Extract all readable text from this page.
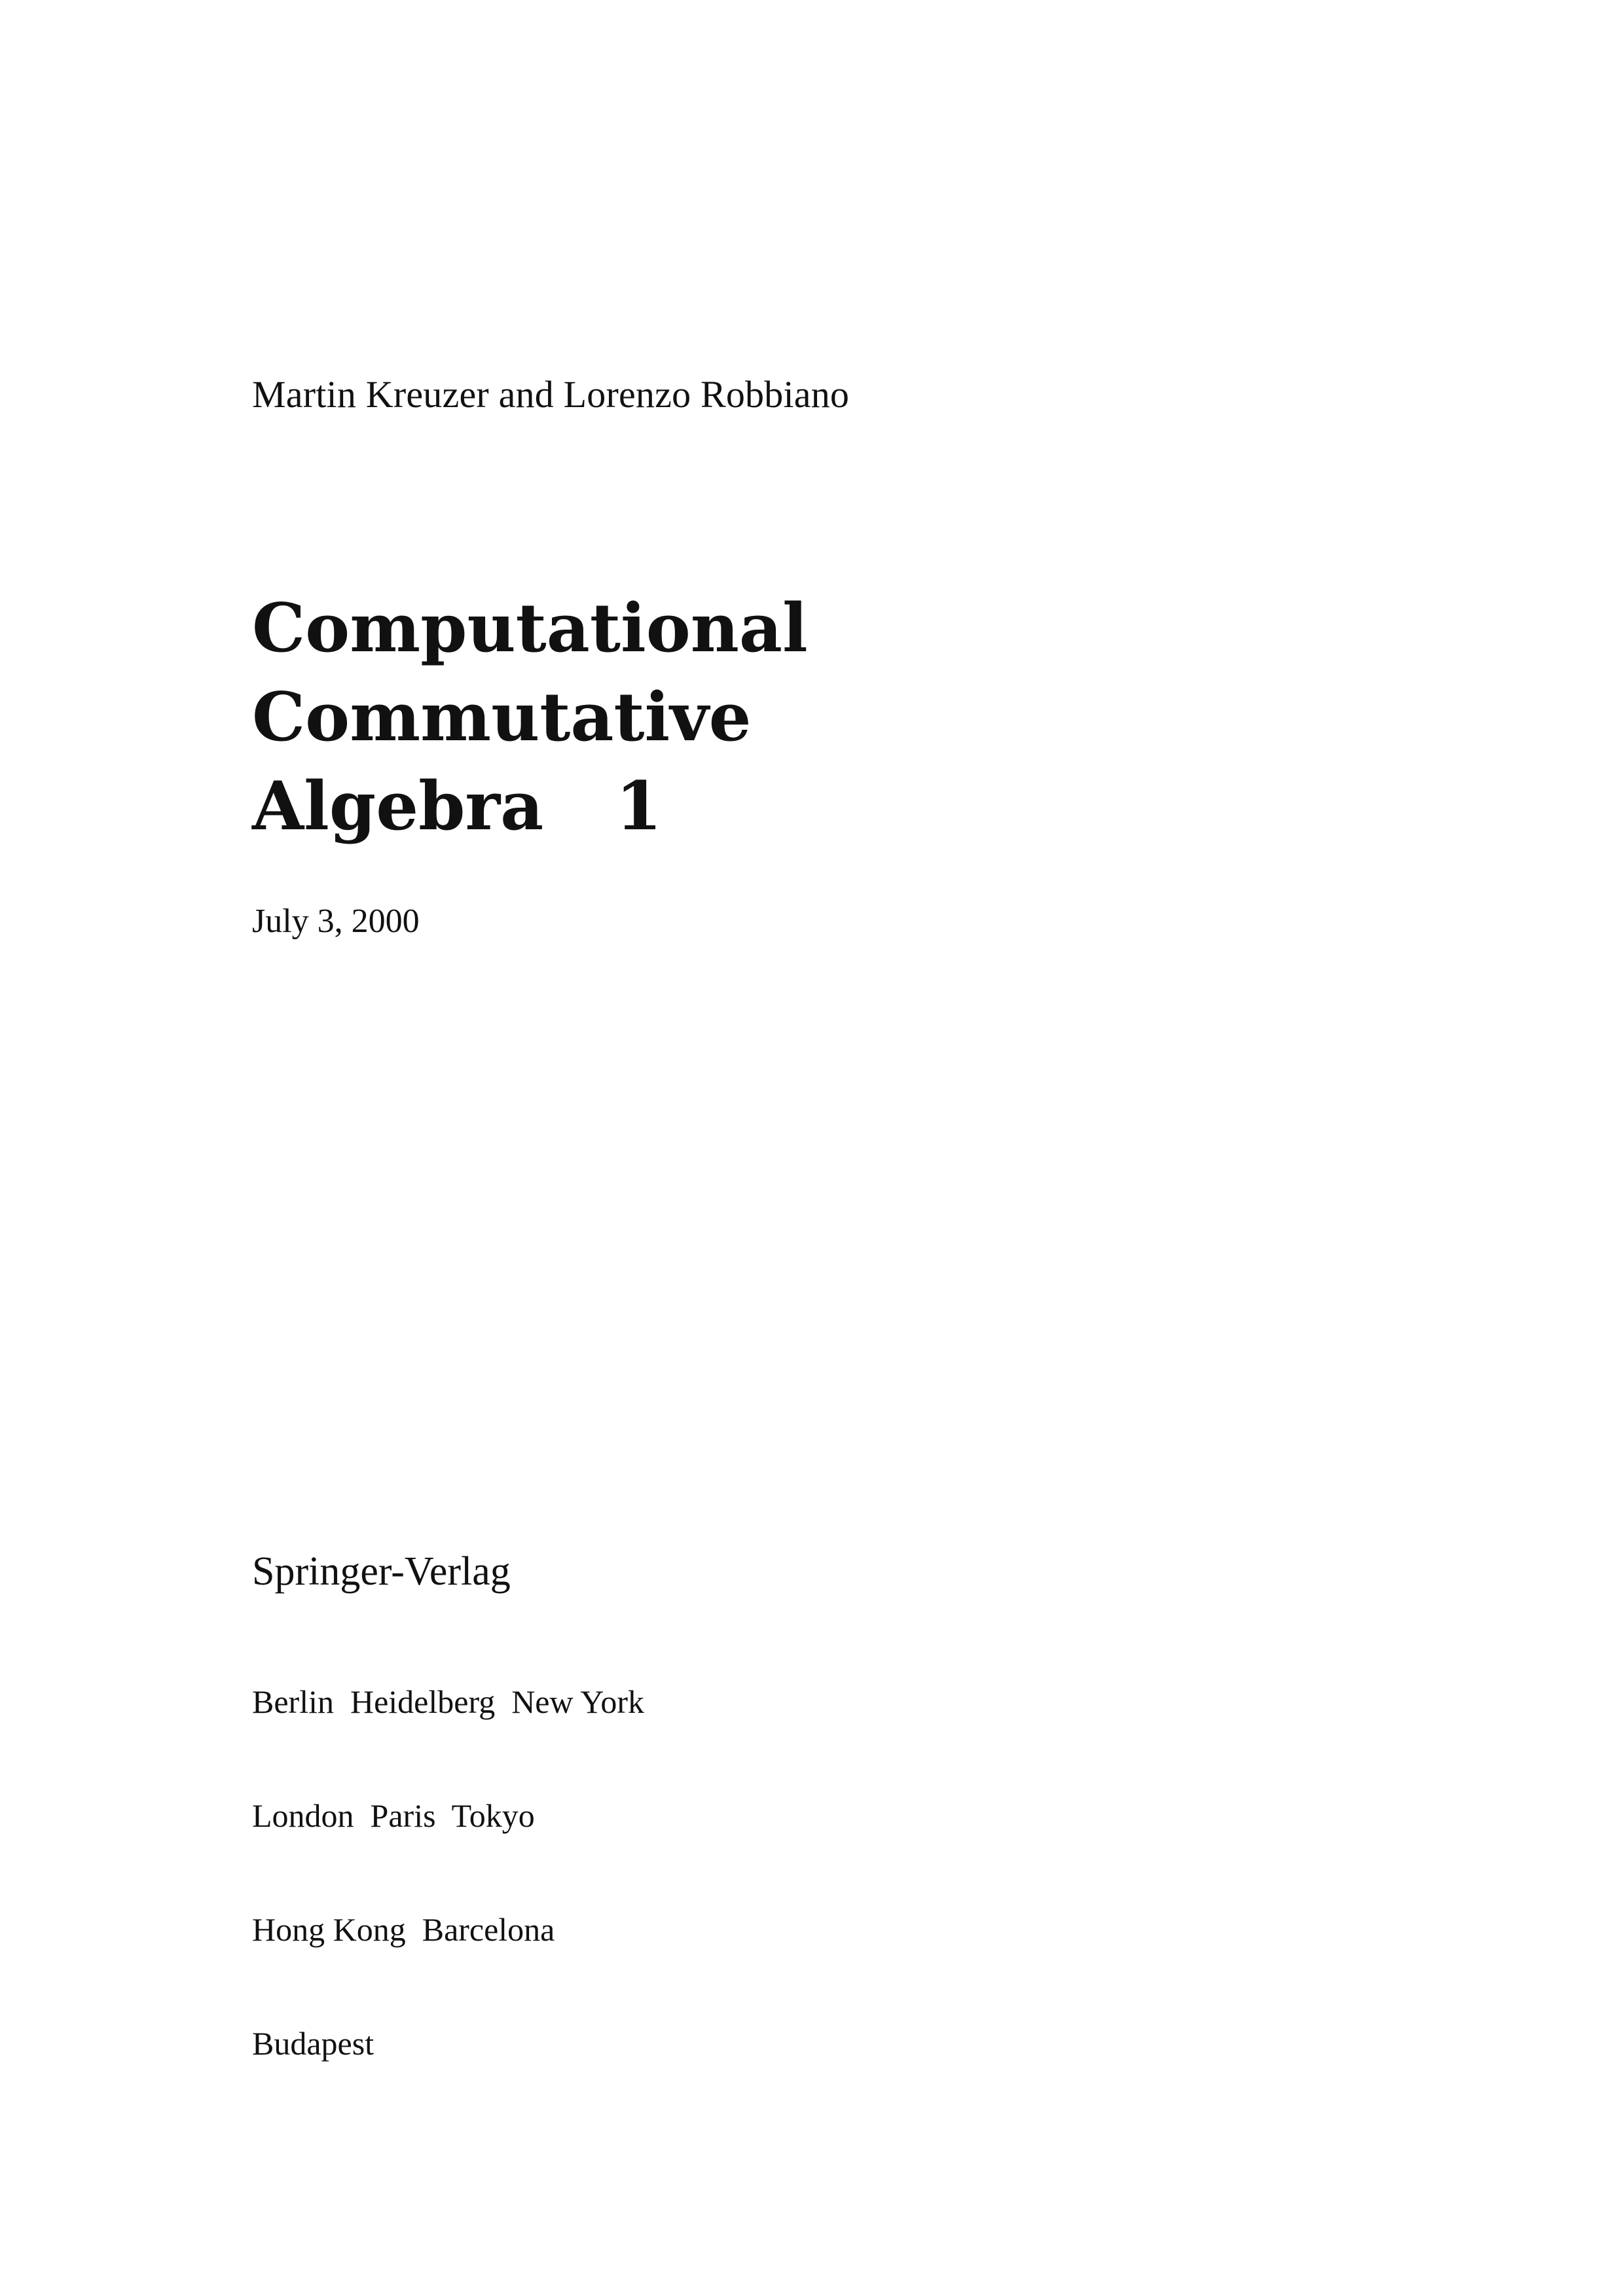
Martin Kreuzer and Lorenzo Robbiano
Computational
Commutative
Algebra 1
July 3, 2000
Springer-Verlag

Berlin  Heidelberg  New York

London  Paris  Tokyo

Hong Kong  Barcelona

Budapest
